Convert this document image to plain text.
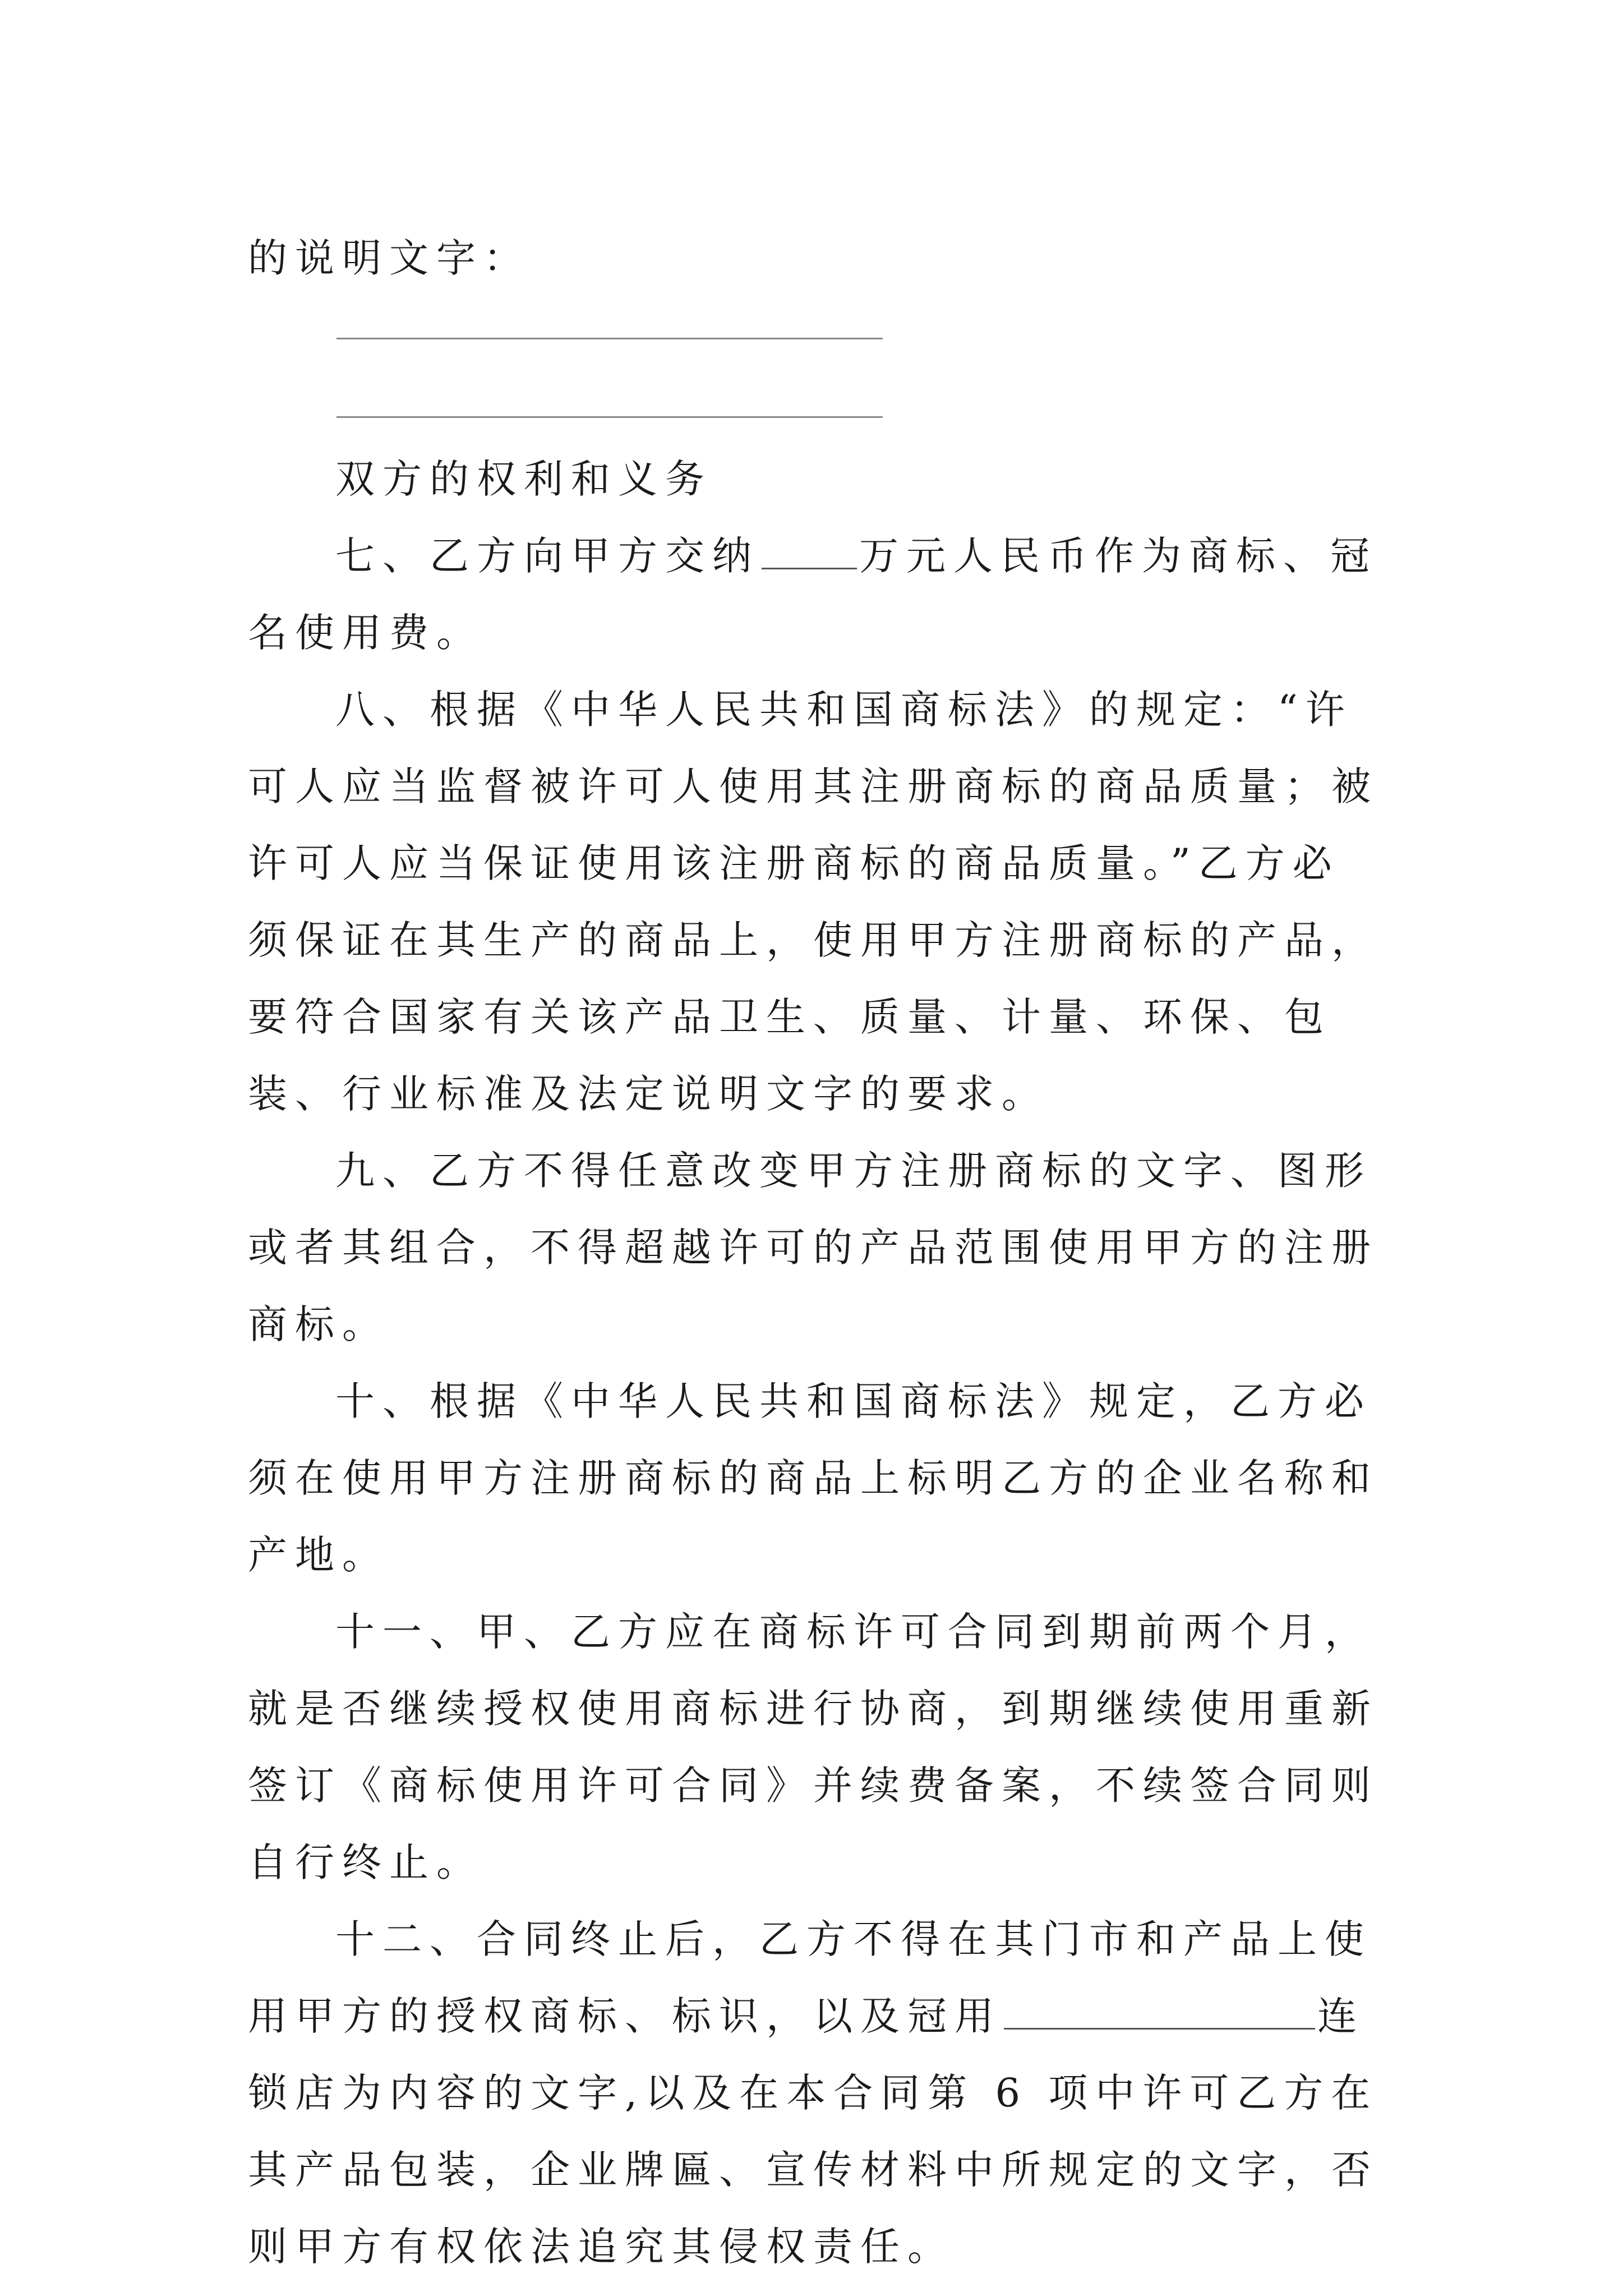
的说明文字：

双方的权利和义务

七、乙方向甲方交纳	万元人民币作为商标、冠名使用费。

八、根据《中华人民共和国商标法》的规定：“许可人应当监督被许可人使用其注册商标的商品质量；被许可人应当保证使用该注册商标的商品质量。”乙方必须保证在其生产的商品上，使用甲方注册商标的产品，要符合国家有关该产品卫生、质量、计量、环保、包装、行业标准及法定说明文字的要求。

九、乙方不得任意改变甲方注册商标的文字、图形或者其组合，不得超越许可的产品范围使用甲方的注册商标。

十、根据《中华人民共和国商标法》规定，乙方必须在使用甲方注册商标的商品上标明乙方的企业名称和产地。

十一、甲、乙方应在商标许可合同到期前两个月，就是否继续授权使用商标进行协商，到期继续使用重新签订《商标使用许可合同》并续费备案，不续签合同则自行终止。

十二、合同终止后，乙方不得在其门市和产品上使用甲方的授权商标、标识，以及冠用	连锁店为内容的文字,以及在本合同第 6 项中许可乙方在其产品包装，企业牌匾、宣传材料中所规定的文字，否则甲方有权依法追究其侵权责任。
